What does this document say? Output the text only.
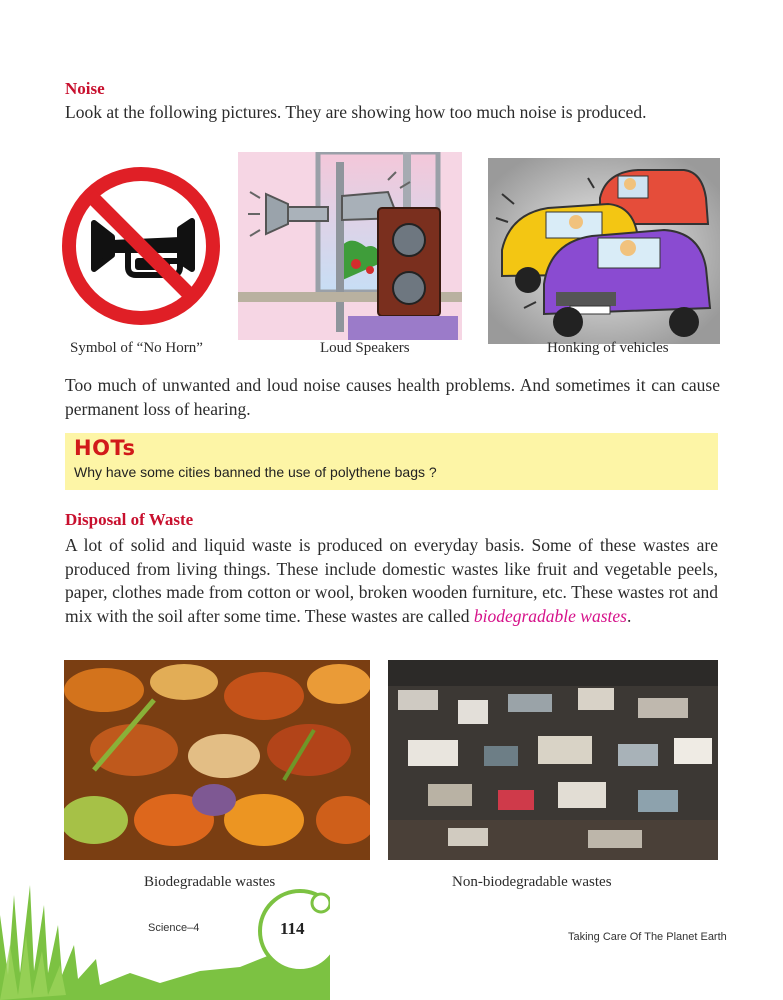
Noise
Look at the following pictures. They are showing how too much noise is produced.
Symbol of “No Horn”	Loud Speakers	Honking of vehicles
Too much of unwanted and loud noise causes health problems. And sometimes it can cause permanent loss of hearing.
HOTs
Why have some cities banned the use of polythene bags ?
Disposal of Waste
A lot of solid and liquid waste is produced on everyday basis. Some of these wastes are produced from living things. These include domestic wastes like fruit and vegetable peels, paper, clothes made from cotton or wool, broken wooden furniture, etc. These wastes rot and mix with the soil after some time. These wastes are called biodegradable wastes.
Biodegradable wastes	Non-biodegradable wastes
Science–4	114	Taking Care Of The Planet Earth
